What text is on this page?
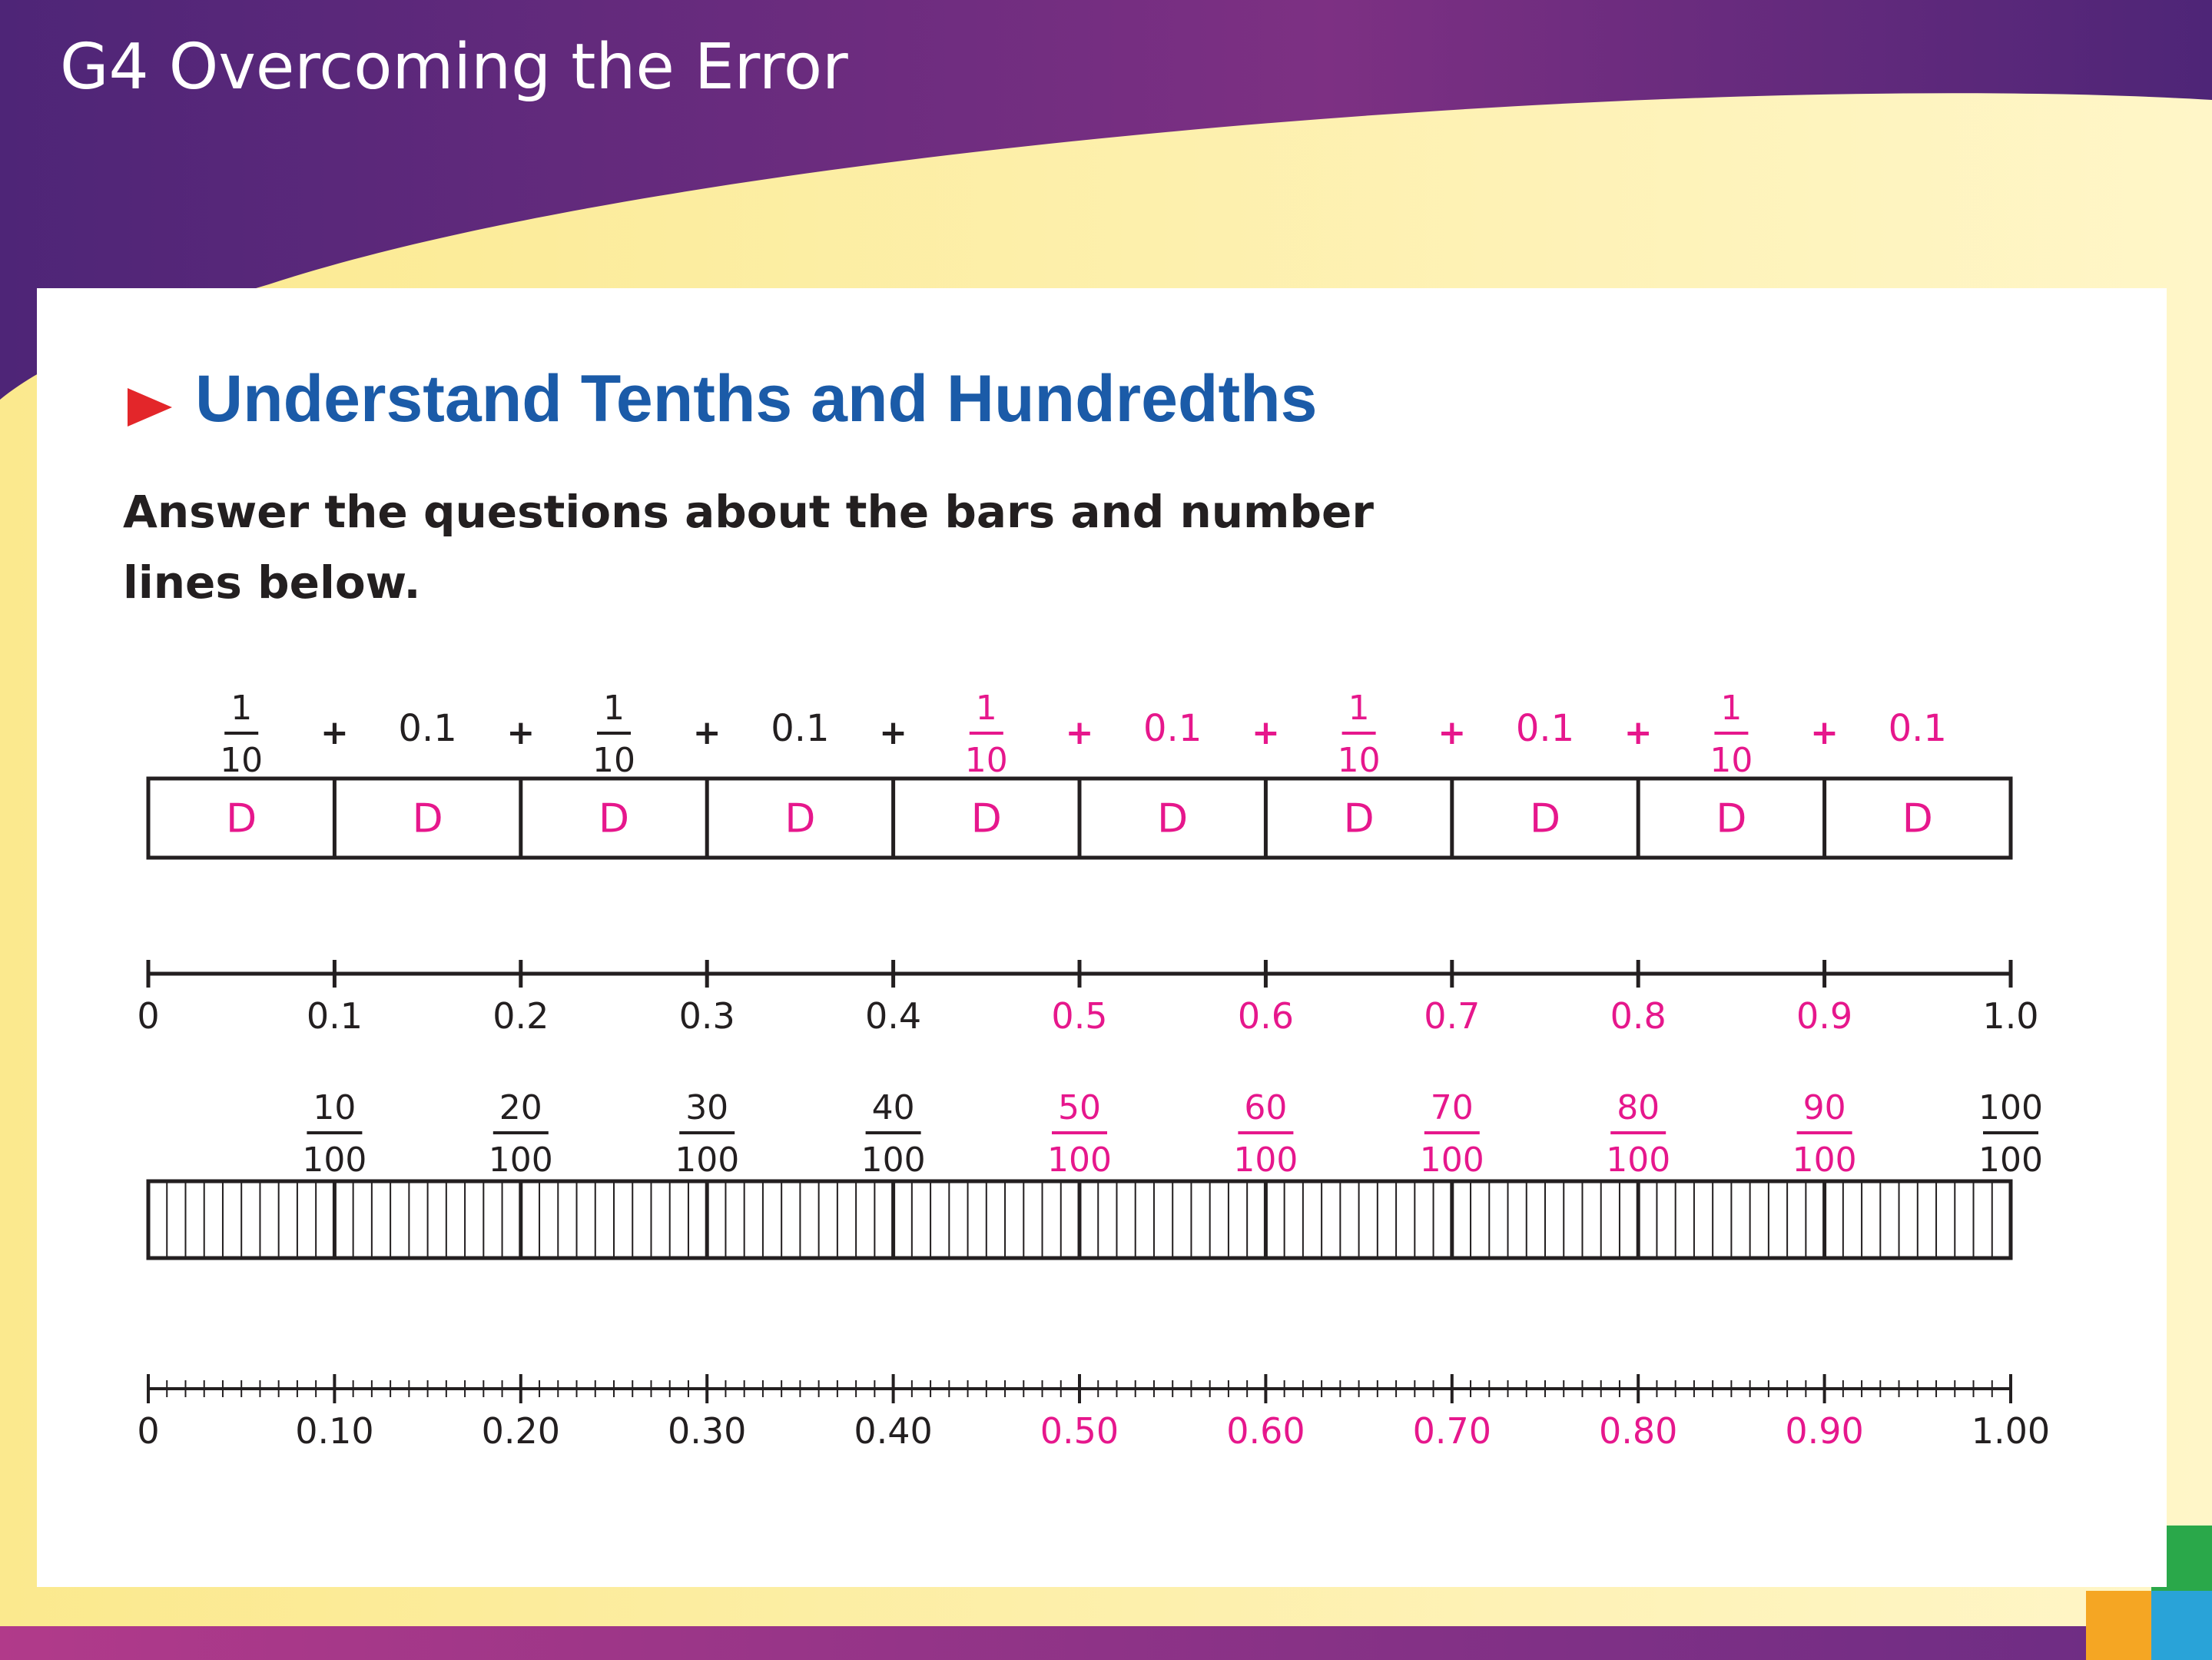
G4 Overcoming the Error
Understand Tenths and Hundredths
Answer the questions about the bars and number lines below.
1
10
0.1	1
10
0.1	1
10
0.1	1
10
0.1	1
10
0.1
+	+	+	+	+	+	+	+	+
D	D	D	D	D	D	D	D	D	D
0	0.1	0.2	0.3	0.4	0.5	0.6	0.7	0.8	0.9	1.0
10
100
20
100
30
100
40
100
50
100
60
100
70
100
80
100
90
100
100
100
0	0.10	0.20	0.30	0.40	0.50	0.60	0.70	0.80	0.90	1.00
